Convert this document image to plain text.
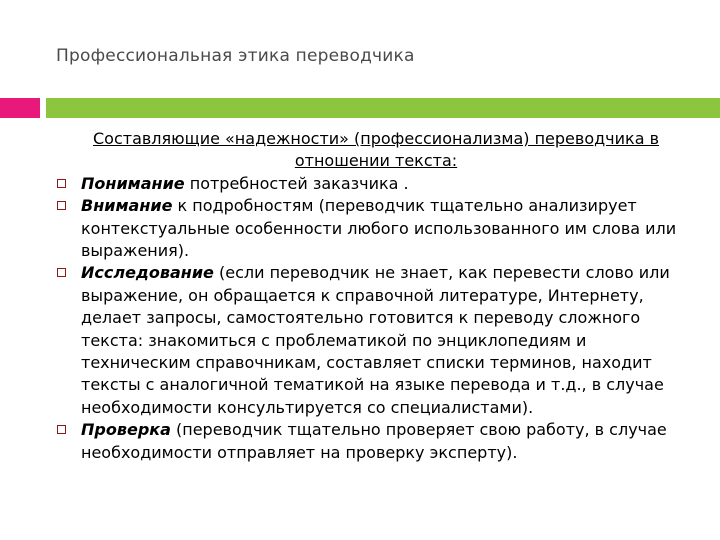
Профессиональная этика переводчика

Составляющие «надежности» (профессионализма) переводчика в отношении текста:

Понимание потребностей заказчика .
Внимание к подробностям (переводчик тщательно анализирует контекстуальные особенности любого использованного им слова или выражения).
Исследование (если переводчик не знает, как перевести слово или выражение, он обращается к справочной литературе, Интернету, делает запросы, самостоятельно готовится к переводу сложного текста: знакомиться с проблематикой по энциклопедиям и техническим справочникам, составляет списки терминов, находит тексты с аналогичной тематикой на языке перевода и т.д., в случае необходимости консультируется со специалистами).
Проверка (переводчик тщательно проверяет свою работу, в случае необходимости отправляет на проверку эксперту).
